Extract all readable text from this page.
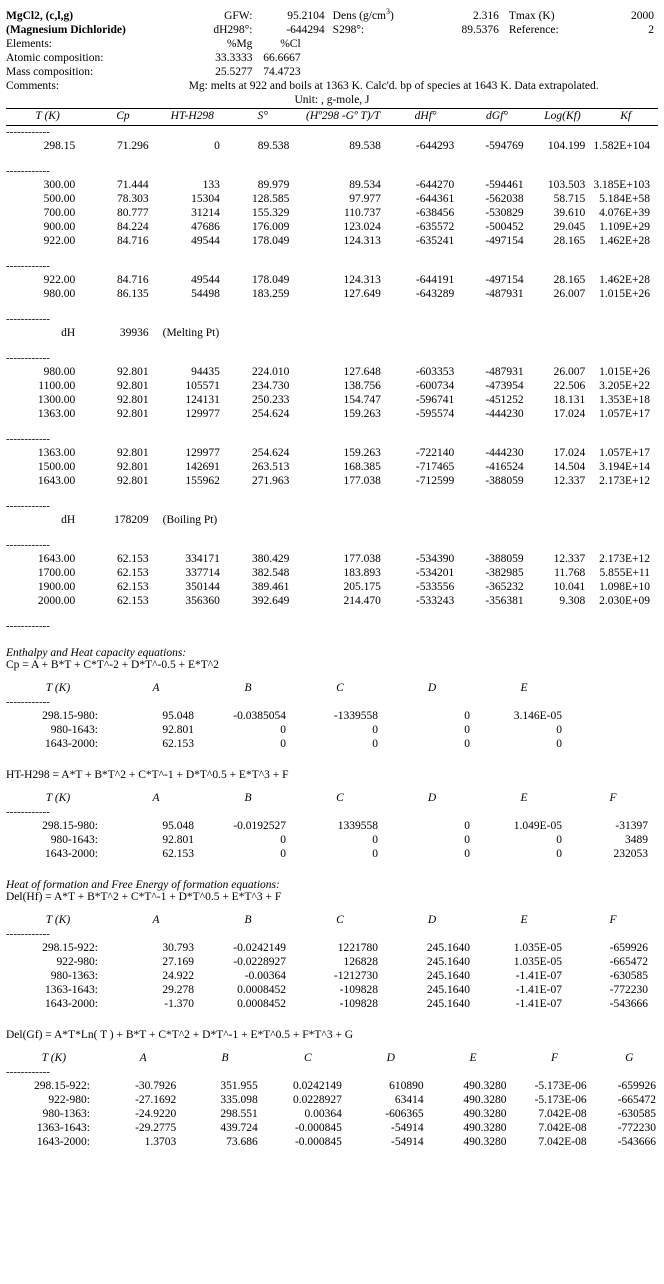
MgCl2, (c,l,g)	GFW:	95.2104	Dens $(g/cm^3)$	2.316	Tmax (K)	2000
(Magnesium Dichloride)	dH298°:	-644294	S298°:	89.5376	Reference:	2
Elements:	%Mg	%Cl				
Atomic composition:	33.3333	66.6667				
Mass composition:	25.5277	74.4723				
Comments:	Mg: melts at 922 and boils at 1363 K. Calc'd. bp of species at 1643 K. Data extrapolated.					
Unit: , g-mole, J
T (K)	Cp	HT-H298	S°	(Hº298 -Gº T)/T	dHf°	dGf°	Log(Kf)	Kf

------------								
298.15	71.296	0	89.538	89.538	-644293	-594769	104.199	1.582E+104

------------								
300.00	71.444	133	89.979	89.534	-644270	-594461	103.503	3.185E+103
500.00	78.303	15304	128.585	97.977	-644361	-562038	58.715	5.184E+58
700.00	80.777	31214	155.329	110.737	-638456	-530829	39.610	4.076E+39
900.00	84.224	47686	176.009	123.024	-635572	-500452	29.045	1.109E+29
922.00	84.716	49544	178.049	124.313	-635241	-497154	28.165	1.462E+28

------------								
922.00	84.716	49544	178.049	124.313	-644191	-497154	28.165	1.462E+28
980.00	86.135	54498	183.259	127.649	-643289	-487931	26.007	1.015E+26

------------								
dH	39936	(Melting Pt)						

------------								
980.00	92.801	94435	224.010	127.648	-603353	-487931	26.007	1.015E+26
1100.00	92.801	105571	234.730	138.756	-600734	-473954	22.506	3.205E+22
1300.00	92.801	124131	250.233	154.747	-596741	-451252	18.131	1.353E+18
1363.00	92.801	129977	254.624	159.263	-595574	-444230	17.024	1.057E+17

------------								
1363.00	92.801	129977	254.624	159.263	-722140	-444230	17.024	1.057E+17
1500.00	92.801	142691	263.513	168.385	-717465	-416524	14.504	3.194E+14
1643.00	92.801	155962	271.963	177.038	-712599	-388059	12.337	2.173E+12

------------								
dH	178209	(Boiling Pt)						

------------								
1643.00	62.153	334171	380.429	177.038	-534390	-388059	12.337	2.173E+12
1700.00	62.153	337714	382.548	183.893	-534201	-382985	11.768	5.855E+11
1900.00	62.153	350144	389.461	205.175	-533556	-365232	10.041	1.098E+10
2000.00	62.153	356360	392.649	214.470	-533243	-356381	9.308	2.030E+09

------------								
Enthalpy and Heat capacity equations:
Cp = A + B*T + C*T^-2 + D*T^-0.5 + E*T^2
T (K)	A	B	C	D	E
------------					
298.15-980:	95.048	-0.0385054	-1339558	0	3.146E-05
980-1643:	92.801	0	0	0	0
1643-2000:	62.153	0	0	0	0
HT-H298 = A*T + B*T^2 + C*T^-1 + D*T^0.5 + E*T^3 + F
T (K)	A	B	C	D	E	F
------------						
298.15-980:	95.048	-0.0192527	1339558	0	1.049E-05	-31397
980-1643:	92.801	0	0	0	0	3489
1643-2000:	62.153	0	0	0	0	232053
Heat of formation and Free Energy of formation equations:
Del(Hf) = A*T + B*T^2 + C*T^-1 + D*T^0.5 + E*T^3 + F
T (K)	A	B	C	D	E	F
------------						
298.15-922:	30.793	-0.0242149	1221780	245.1640	1.035E-05	-659926
922-980:	27.169	-0.0228927	126828	245.1640	1.035E-05	-665472
980-1363:	24.922	-0.00364	-1212730	245.1640	-1.41E-07	-630585
1363-1643:	29.278	0.0008452	-109828	245.1640	-1.41E-07	-772230
1643-2000:	-1.370	0.0008452	-109828	245.1640	-1.41E-07	-543666
Del(Gf) = A*T*Ln( T ) + B*T + C*T^2 + D*T^-1 + E*T^0.5 + F*T^3 + G
T (K)	A	B	C	D	E	F	G
------------							
298.15-922:	-30.7926	351.955	0.0242149	610890	490.3280	-5.173E-06	-659926
922-980:	-27.1692	335.098	0.0228927	63414	490.3280	-5.173E-06	-665472
980-1363:	-24.9220	298.551	0.00364	-606365	490.3280	7.042E-08	-630585
1363-1643:	-29.2775	439.724	-0.000845	-54914	490.3280	7.042E-08	-772230
1643-2000:	1.3703	73.686	-0.000845	-54914	490.3280	7.042E-08	-543666
